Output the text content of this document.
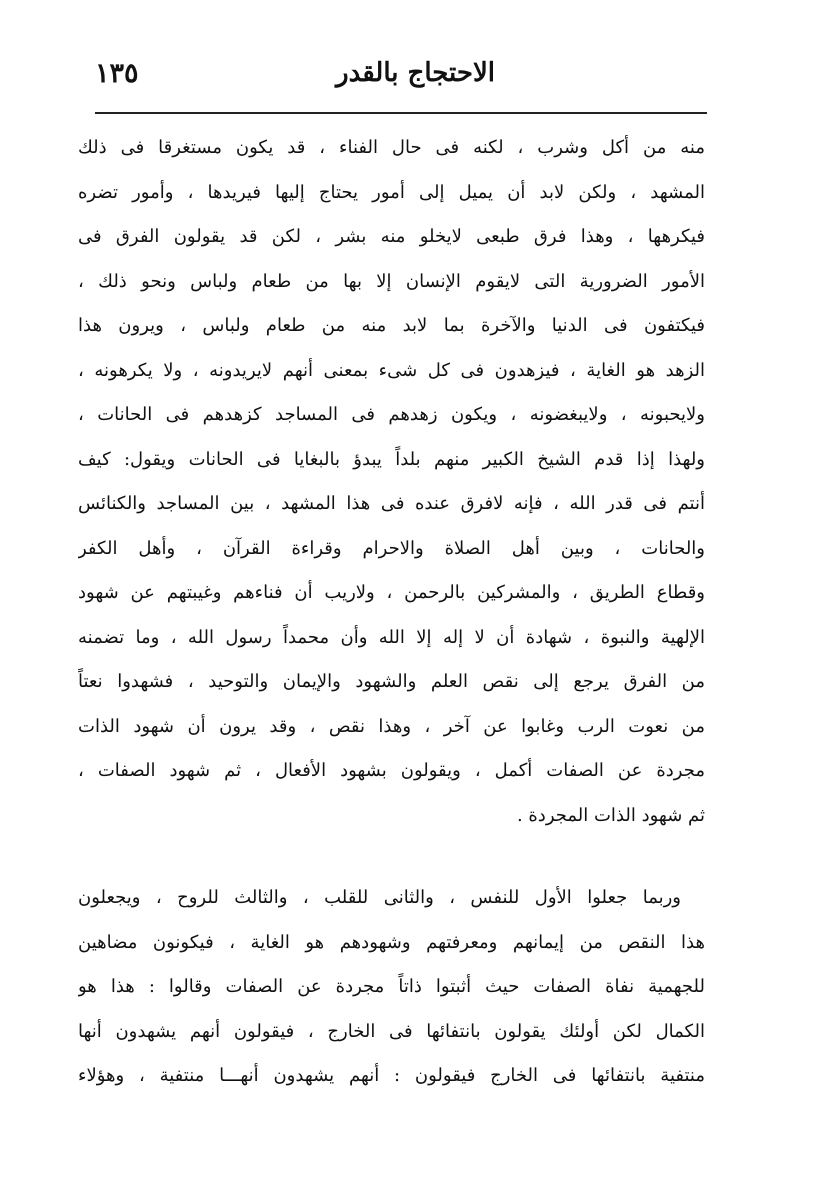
الاحتجاج بالقدر
١٣٥
منه من أكل وشرب ، لكنه فى حال الفناء ، قد يكون مستغرقا فى ذلك
المشهد ، ولكن لابد أن يميل إلى أمور يحتاج إليها فيريدها ، وأمور تضره
فيكرهها ، وهذا فرق طبعى لايخلو منه بشر ، لكن قد يقولون الفرق فى
الأمور الضرورية التى لايقوم الإنسان إلا بها من طعام ولباس ونحو ذلك ،
فيكتفون فى الدنيا والآخرة بما لابد منه من طعام ولباس ، ويرون هذا
الزهد هو الغاية ، فيزهدون فى كل شىء بمعنى أنهم لايريدونه ، ولا يكرهونه ،
ولايحبونه ، ولايبغضونه ، ويكون زهدهم فى المساجد كزهدهم فى الحانات ،
ولهذا إذا قدم الشيخ الكبير منهم بلداً يبدؤ بالبغايا فى الحانات ويقول: كيف
أنتم فى قدر الله ، فإنه لافرق عنده فى هذا المشهد ، بين المساجد والكنائس
والحانات ، وبين أهل الصلاة والاحرام وقراءة القرآن ، وأهل الكفر
وقطاع الطريق ، والمشركين بالرحمن ، ولاريب أن فناءهم وغيبتهم عن شهود
الإلهية والنبوة ، شهادة أن لا إله إلا الله وأن محمداً رسول الله ، وما تضمنه
من الفرق يرجع إلى نقص العلم والشهود والإيمان والتوحيد ، فشهدوا نعتاً
من نعوت الرب وغابوا عن آخر ، وهذا نقص ، وقد يرون أن شهود الذات
مجردة عن الصفات أكمل ، ويقولون بشهود الأفعال ، ثم شهود الصفات ،
ثم شهود الذات المجردة .
وربما جعلوا الأول للنفس ، والثانى للقلب ، والثالث للروح ، ويجعلون
هذا النقص من إيمانهم ومعرفتهم وشهودهم هو الغاية ، فيكونون مضاهين
للجهمية نفاة الصفات حيث أثبتوا ذاتاً مجردة عن الصفات وقالوا : هذا هو
الكمال لكن أولئك يقولون بانتفائها فى الخارج ، فيقولون أنهم يشهدون أنها
منتفية بانتفائها فى الخارج فيقولون : أنهم يشهدون أنهـــا منتفية ، وهؤلاء
